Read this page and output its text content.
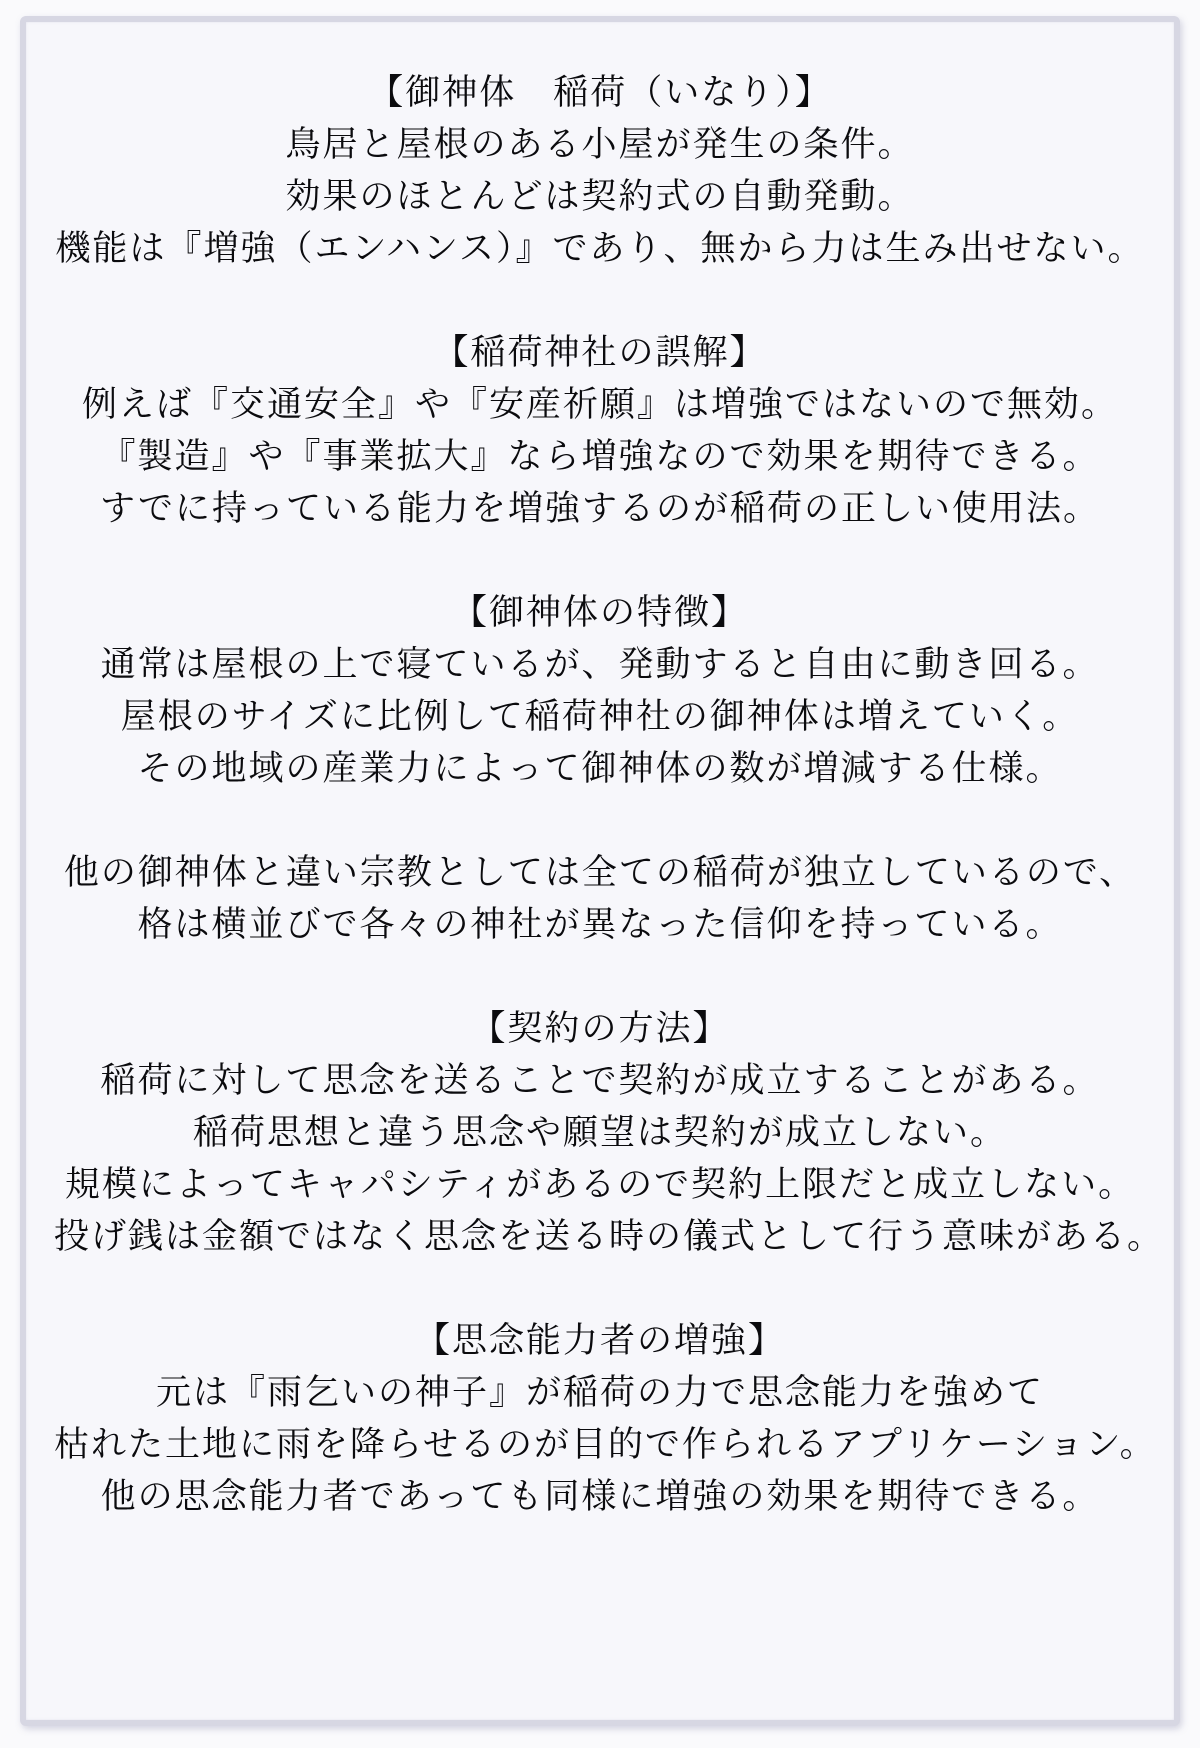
【御神体　稲荷（いなり）】
鳥居と屋根のある小屋が発生の条件。
効果のほとんどは契約式の自動発動。
機能は『増強（エンハンス）』であり、無から力は生み出せない。
【稲荷神社の誤解】
例えば『交通安全』や『安産祈願』は増強ではないので無効。
『製造』や『事業拡大』なら増強なので効果を期待できる。
すでに持っている能力を増強するのが稲荷の正しい使用法。
【御神体の特徴】
通常は屋根の上で寝ているが、発動すると自由に動き回る。
屋根のサイズに比例して稲荷神社の御神体は増えていく。
その地域の産業力によって御神体の数が増減する仕様。
他の御神体と違い宗教としては全ての稲荷が独立しているので、
格は横並びで各々の神社が異なった信仰を持っている。
【契約の方法】
稲荷に対して思念を送ることで契約が成立することがある。
稲荷思想と違う思念や願望は契約が成立しない。
規模によってキャパシティがあるので契約上限だと成立しない。
投げ銭は金額ではなく思念を送る時の儀式として行う意味がある。
【思念能力者の増強】
元は『雨乞いの神子』が稲荷の力で思念能力を強めて
枯れた土地に雨を降らせるのが目的で作られるアプリケーション。
他の思念能力者であっても同様に増強の効果を期待できる。
